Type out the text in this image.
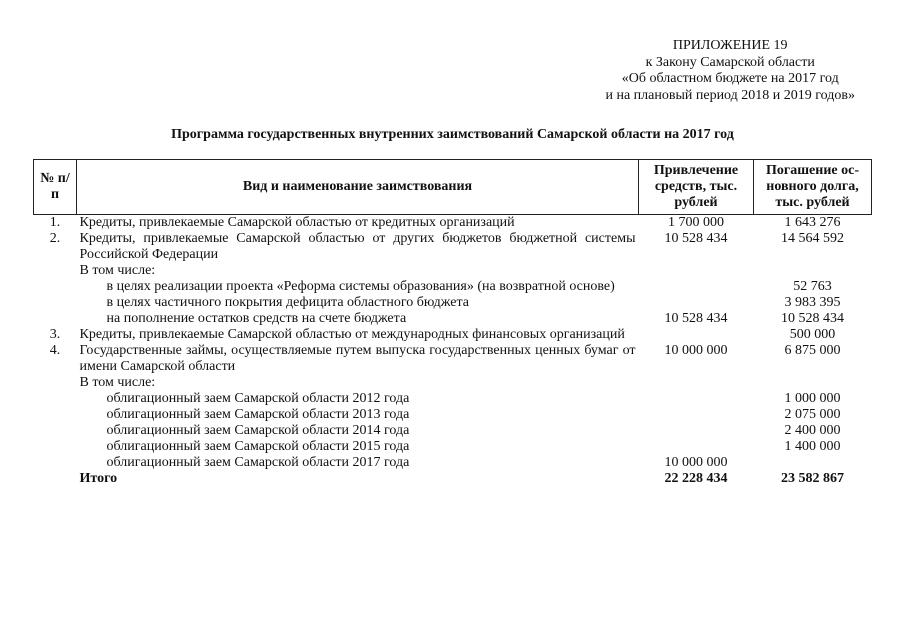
ПРИЛОЖЕНИЕ 19
к Закону Самарской области
«Об областном бюджете на 2017 год
и на плановый период 2018 и 2019 годов»
Программа государственных внутренних заимствований Самарской области на 2017 год
№ п/п	Вид и наименование заимствования	Привлечение средств, тыс. рублей	Погашение ос-новного долга, тыс. рублей
1.	Кредиты, привлекаемые Самарской областью от кредитных организаций	1 700 000	1 643 276
2.	Кредиты, привлекаемые Самарской областью от других бюджетов бюджетной системы Российской Федерации	10 528 434	14 564 592
	В том числе:		
	в целях реализации проекта «Реформа системы образования» (на возвратной основе)		52 763
	в целях частичного покрытия дефицита областного бюджета		3 983 395
	на пополнение остатков средств на счете бюджета	10 528 434	10 528 434
3.	Кредиты, привлекаемые Самарской областью от международных финансовых организаций		500 000
4.	Государственные займы, осуществляемые путем выпуска государственных ценных бумаг от имени Самарской области	10 000 000	6 875 000
	В том числе:		
	облигационный заем Самарской области 2012 года		1 000 000
	облигационный заем Самарской области 2013 года		2 075 000
	облигационный заем Самарской области 2014 года		2 400 000
	облигационный заем Самарской области 2015 года		1 400 000
	облигационный заем Самарской области 2017 года	10 000 000	
	Итого	22 228 434	23 582 867
